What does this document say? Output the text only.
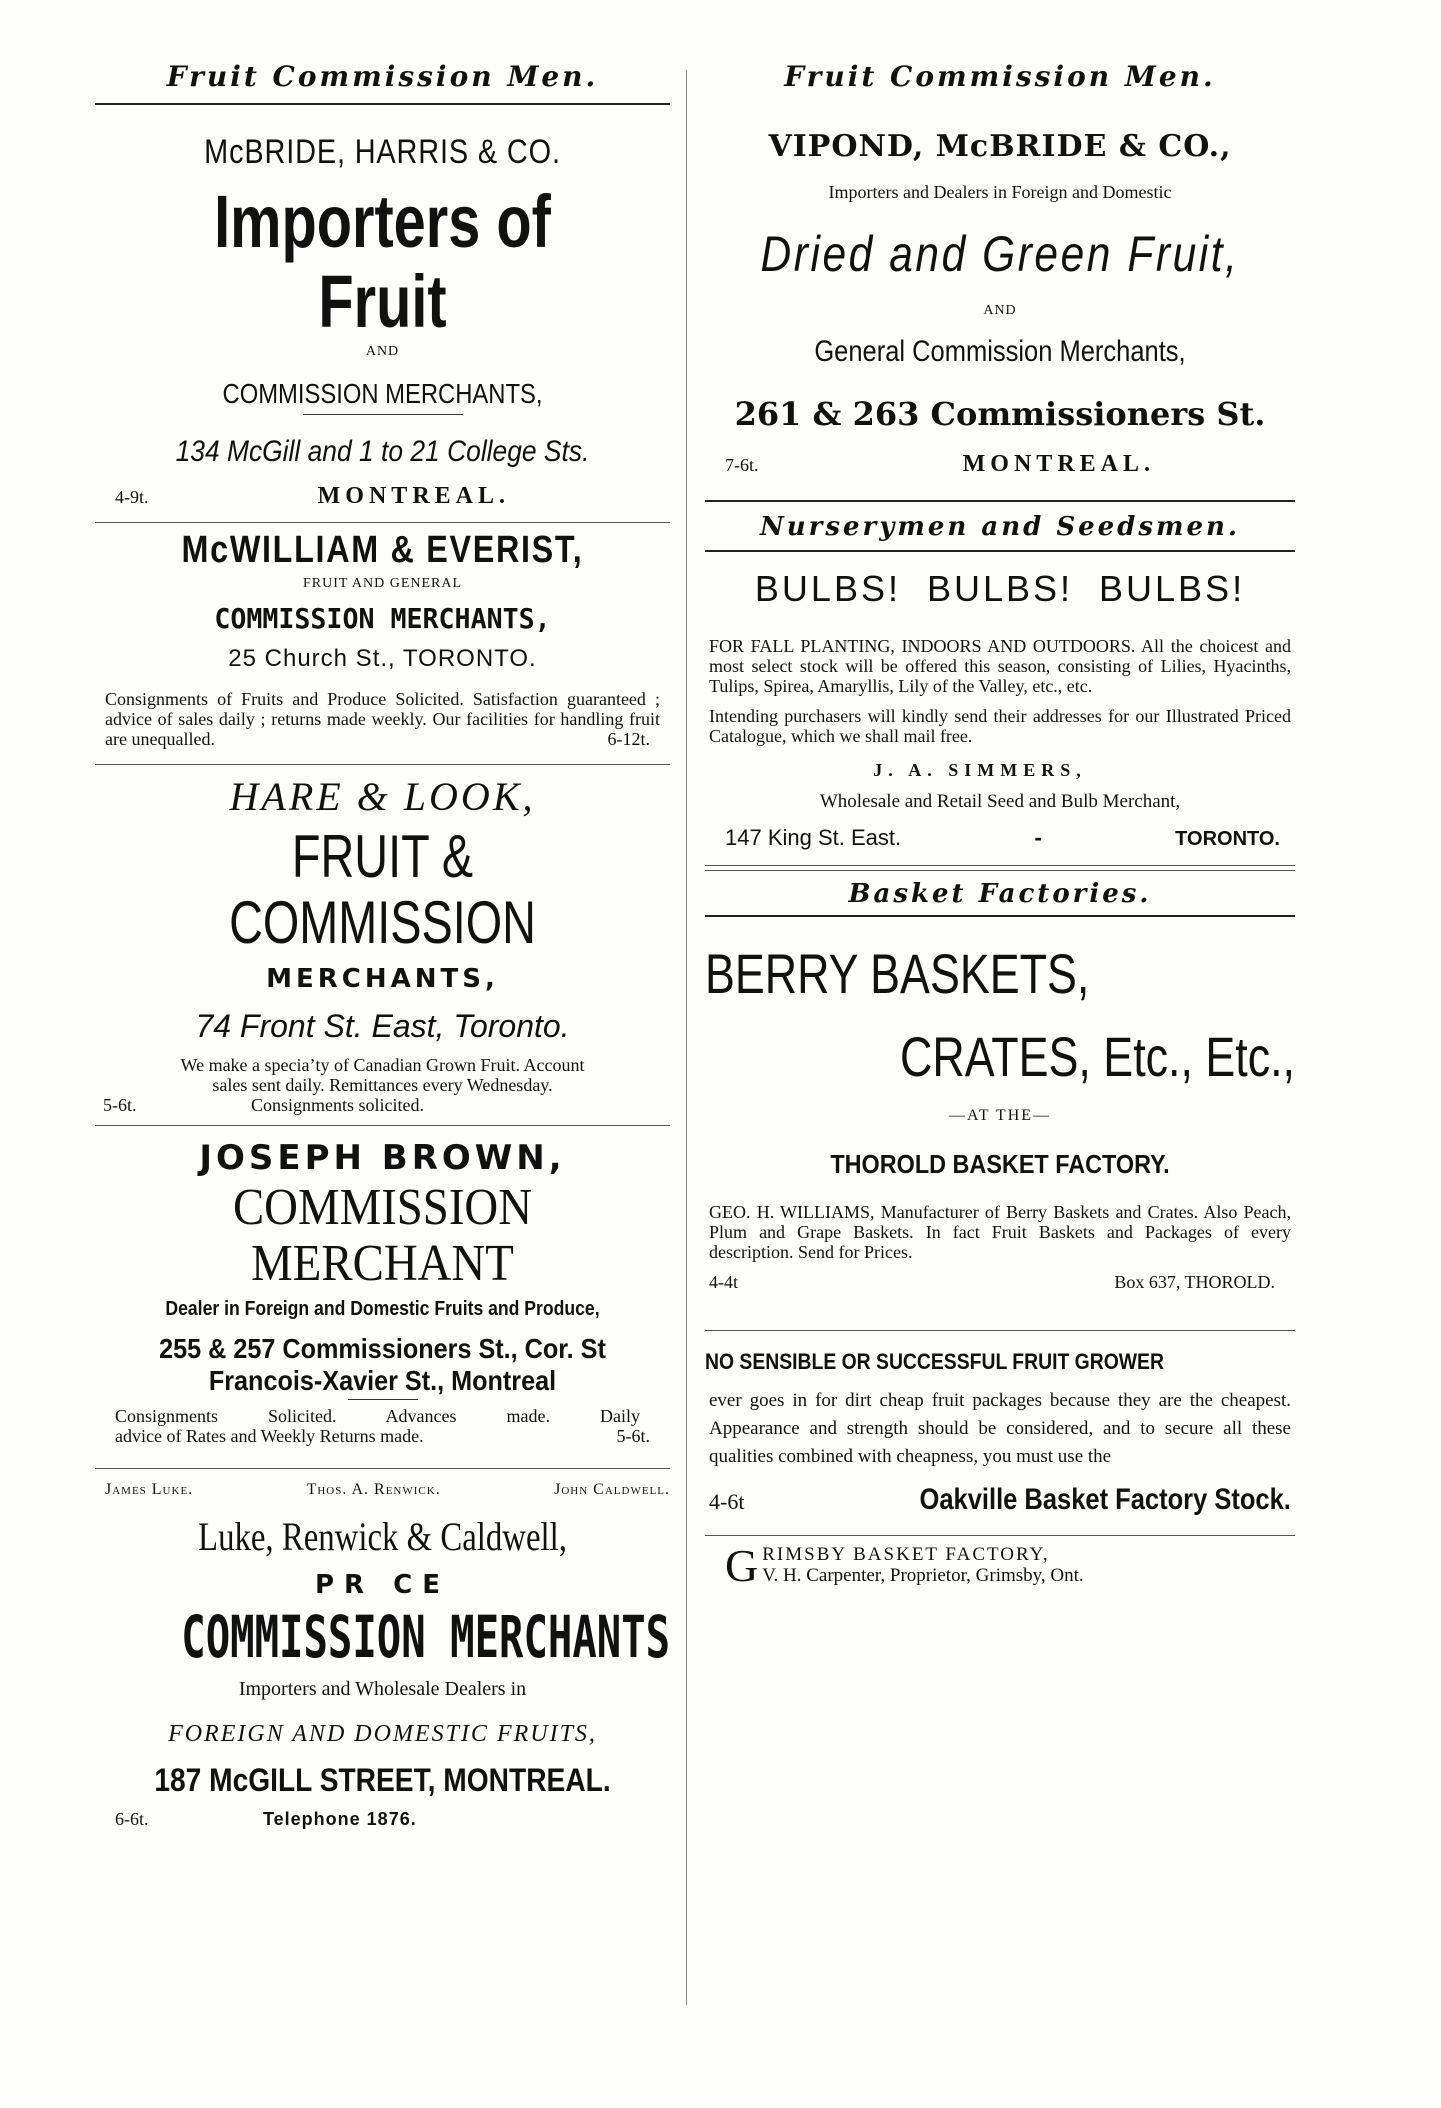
Fruit Commission Men.
McBRIDE, HARRIS & CO.
Importers of Fruit
AND
COMMISSION MERCHANTS,
134 McGill and 1 to 21 College Sts.
4-9t.	MONTREAL.
McWILLIAM & EVERIST,
FRUIT AND GENERAL
COMMISSION MERCHANTS,
25 Church St., TORONTO.
Consignments of Fruits and Produce Solicited. Satisfaction guaranteed ; advice of sales daily ; returns made weekly. Our facilities for handling fruit are unequalled.	6-12t.
HARE & LOOK,
FRUIT & COMMISSION
MERCHANTS,
74 Front St. East, Toronto.
We make a speciaʼty of Canadian Grown Fruit. Account
sales sent daily. Remittances every Wednesday.
5-6t.	Consignments solicited.
JOSEPH BROWN,
COMMISSION MERCHANT
Dealer in Foreign and Domestic Fruits and Produce,
255 & 257 Commissioners St., Cor. St
Francois-Xavier St., Montreal
Consignments Solicited. Advances made. Daily
advice of Rates and Weekly Returns made.	5-6t.
James Luke.	Thos. A. Renwick.	John Caldwell.
Luke, Renwick & Caldwell,
PR CE
COMMISSION MERCHANTS
Importers and Wholesale Dealers in
FOREIGN AND DOMESTIC FRUITS,
187 McGILL STREET, MONTREAL.
6-6t.	Telephone 1876.
Fruit Commission Men.
VIPOND, McBRIDE & CO.,
Importers and Dealers in Foreign and Domestic
Dried and Green Fruit,
AND
General Commission Merchants,
261 & 263 Commissioners St.
7-6t.	MONTREAL.
Nurserymen and Seedsmen.
BULBS!  BULBS!  BULBS!
FOR FALL PLANTING, INDOORS AND OUTDOORS. All the choicest and most select stock will be offered this season, consisting of Lilies, Hyacinths, Tulips, Spirea, Amaryllis, Lily of the Valley, etc., etc.
Intending purchasers will kindly send their addresses for our Illustrated Priced Catalogue, which we shall mail free.
J. A. SIMMERS,
Wholesale and Retail Seed and Bulb Merchant,
147 King St. East.	-	TORONTO.
Basket Factories.
BERRY BASKETS,
CRATES, Etc., Etc.,
—AT THE—
THOROLD BASKET FACTORY.
GEO. H. WILLIAMS, Manufacturer of Berry Baskets and Crates. Also Peach, Plum and Grape Baskets. In fact Fruit Baskets and Packages of every description. Send for Prices.
4-4t	Box 637, THOROLD.
NO SENSIBLE OR SUCCESSFUL FRUIT GROWER
ever goes in for dirt cheap fruit packages because they are the cheapest. Appearance and strength should be considered, and to secure all these qualities combined with cheapness, you must use the
4-6t	Oakville Basket Factory Stock.
G RIMSBY BASKET FACTORY,
V. H. Carpenter, Proprietor, Grimsby, Ont.
